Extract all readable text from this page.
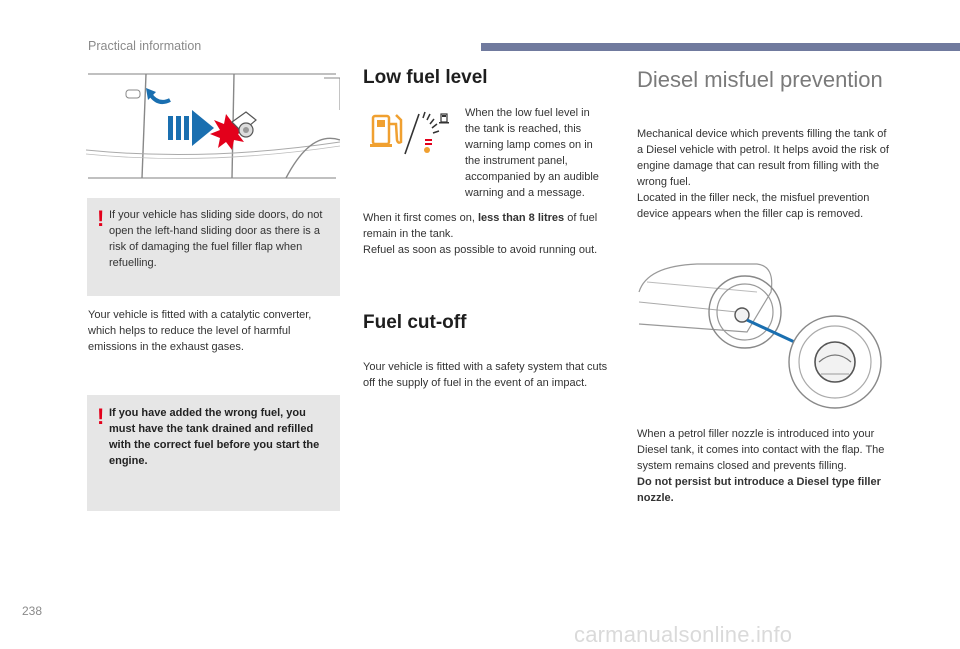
Practical information
! If your vehicle has sliding side doors, do not open the left-hand sliding door as there is a risk of damaging the fuel filler flap when refuelling.
Your vehicle is fitted with a catalytic converter, which helps to reduce the level of harmful emissions in the exhaust gases.
! If you have added the wrong fuel, you must have the tank drained and refilled with the correct fuel before you start the engine.
Low fuel level
When the low fuel level in the tank is reached, this warning lamp comes on in the instrument panel, accompanied by an audible warning and a message.
When it first comes on, less than 8 litres of fuel remain in the tank.
Refuel as soon as possible to avoid running out.
Fuel cut-off
Your vehicle is fitted with a safety system that cuts off the supply of fuel in the event of an impact.
Diesel misfuel prevention
Mechanical device which prevents filling the tank of a Diesel vehicle with petrol. It helps avoid the risk of engine damage that can result from filling with the wrong fuel.
Located in the filler neck, the misfuel prevention device appears when the filler cap is removed.
When a petrol filler nozzle is introduced into your Diesel tank, it comes into contact with the flap. The system remains closed and prevents filling.
Do not persist but introduce a Diesel type filler nozzle.
238
carmanualsonline.info
